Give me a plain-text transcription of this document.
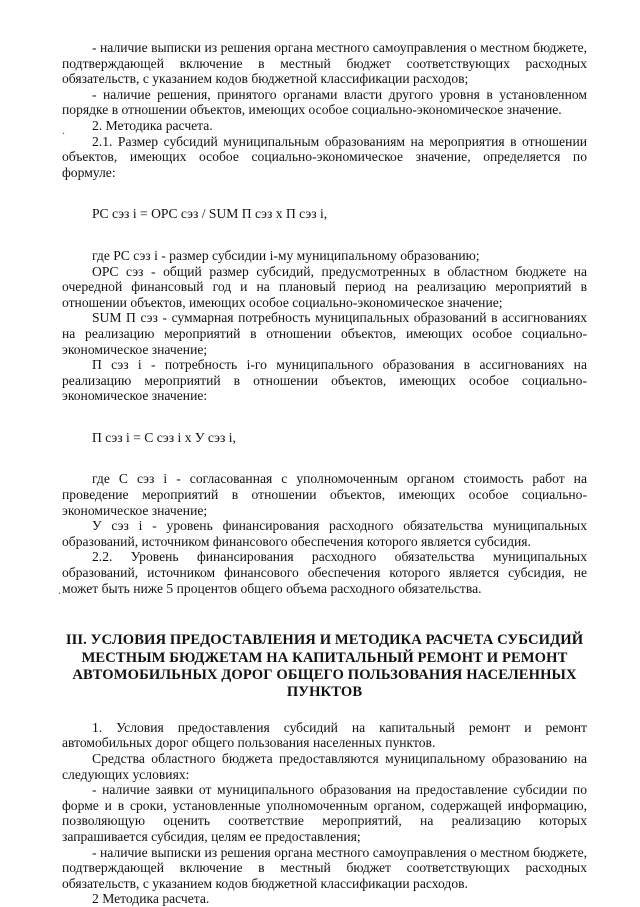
- наличие выписки из решения органа местного самоуправления о местном бюджете, подтверждающей включение в местный бюджет соответствующих расходных обязательств, с указанием кодов бюджетной классификации расходов;

- наличие решения, принятого органами власти другого уровня в установленном порядке в отношении объектов, имеющих особое социально-экономическое значение.

2. Методика расчета.

2.1. Размер субсидий муниципальным образованиям на мероприятия в отношении объектов, имеющих особое социально-экономическое значение, определяется по формуле:

PC сэз i = OPC сэз / SUM П сэз x П сэз i,

где PC сэз i - размер субсидии i-му муниципальному образованию;

OPC сэз - общий размер субсидий, предусмотренных в областном бюджете на очередной финансовый год и на плановый период на реализацию мероприятий в отношении объектов, имеющих особое социально-экономическое значение;

SUM П сэз - суммарная потребность муниципальных образований в ассигнованиях на реализацию мероприятий в отношении объектов, имеющих особое социально-экономическое значение;

П сэз i - потребность i-го муниципального образования в ассигнованиях на реализацию мероприятий в отношении объектов, имеющих особое социально-экономическое значение:

П сэз i = С сэз i x У сэз i,

где С сэз i - согласованная с уполномоченным органом стоимость работ на проведение мероприятий в отношении объектов, имеющих особое социально-экономическое значение;

У сэз i - уровень финансирования расходного обязательства муниципальных образований, источником финансового обеспечения которого является субсидия.

2.2. Уровень финансирования расходного обязательства муниципальных образований, источником финансового обеспечения которого является субсидия, не может быть ниже 5 процентов общего объема расходного обязательства.

III. УСЛОВИЯ ПРЕДОСТАВЛЕНИЯ И МЕТОДИКА РАСЧЕТА СУБСИДИЙ МЕСТНЫМ БЮДЖЕТАМ НА КАПИТАЛЬНЫЙ РЕМОНТ И РЕМОНТ АВТОМОБИЛЬНЫХ ДОРОГ ОБЩЕГО ПОЛЬЗОВАНИЯ НАСЕЛЕННЫХ ПУНКТОВ

1. Условия предоставления субсидий на капитальный ремонт и ремонт автомобильных дорог общего пользования населенных пунктов.

Средства областного бюджета предоставляются муниципальному образованию на следующих условиях:

- наличие заявки от муниципального образования на предоставление субсидии по форме и в сроки, установленные уполномоченным органом, содержащей информацию, позволяющую оценить соответствие мероприятий, на реализацию которых запрашивается субсидия, целям ее предоставления;

- наличие выписки из решения органа местного самоуправления о местном бюджете, подтверждающей включение в местный бюджет соответствующих расходных обязательств, с указанием кодов бюджетной классификации расходов.

2 Методика расчета.

.
.
